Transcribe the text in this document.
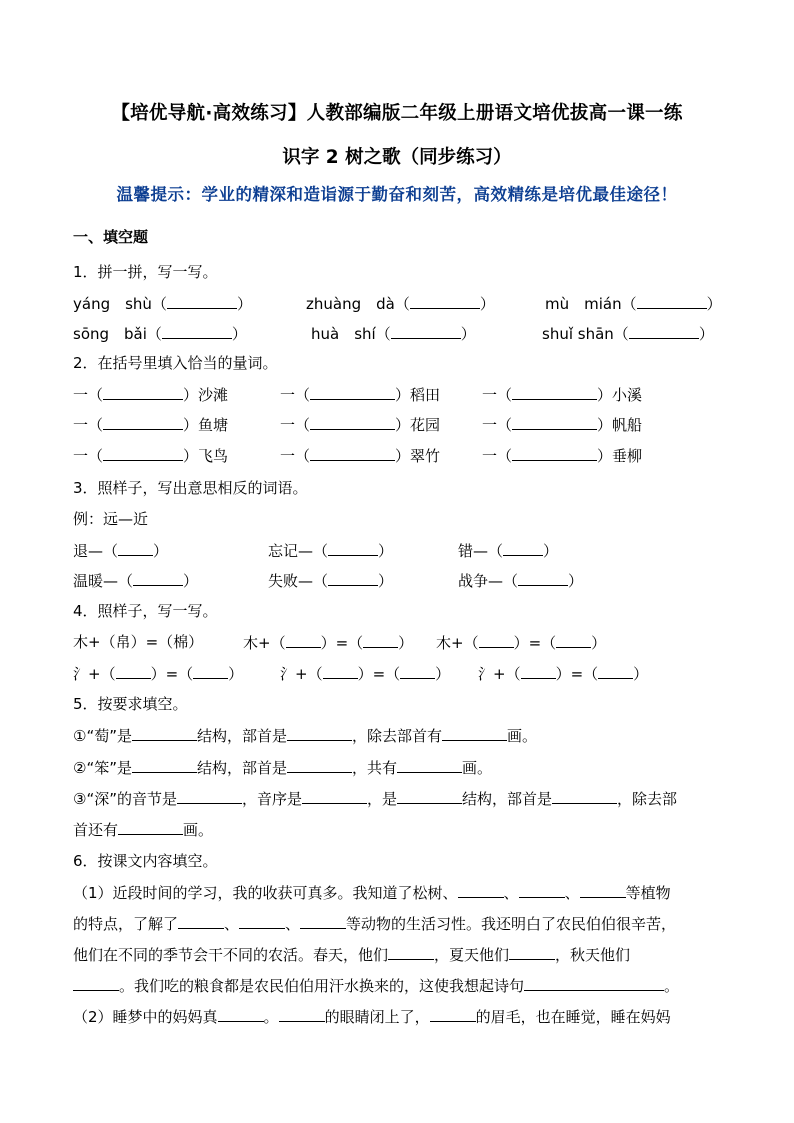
【培优导航·高效练习】人教部编版二年级上册语文培优拔高一课一练
识字 2 树之歌（同步练习）
温馨提示：学业的精深和造诣源于勤奋和刻苦，高效精练是培优最佳途径！
一、填空题
1．拼一拼，写一写。
yáng　shù（	）	zhuàng　dà（	）	mù　mián（	）
sōng　bǎi（	）	huà　shí（	）	shuǐ shān（	）
2．在括号里填入恰当的量词。
一（	）沙滩	一（	）稻田	一（	）小溪
一（	）鱼塘	一（	）花园	一（	）帆船
一（	）飞鸟	一（	）翠竹	一（	）垂柳
3．照样子，写出意思相反的词语。
例：远—近
退—（ ）	忘记—（	）	错—（	）
温暖—（	）	失败—（	）	战争—（	）
4．照样子，写一写。
木+（帛）=（棉）	木+（ ）=（ ） 木+（ ）=（ ）
氵+（ ）=（ ） 氵+（ ）=（ ） 氵+（ ）=（ ）
5．按要求填空。
①“萄”是	结构，部首是	，除去部首有	画。
②“笨”是	结构，部首是	，共有	画。
③“深”的音节是	，音序是	，是	结构，部首是	，除去部
首还有	画。
6．按课文内容填空。
（1）近段时间的学习，我的收获可真多。我知道了松树、	、	、	等植物
的特点，了解了	、	、	等动物的生活习性。我还明白了农民伯伯很辛苦，
他们在不同的季节会干不同的农活。春天，他们	，夏天他们	，秋天他们
。我们吃的粮食都是农民伯伯用汗水换来的，这使我想起诗句	。
（2）睡梦中的妈妈真	。	的眼睛闭上了，	的眉毛，也在睡觉，睡在妈妈
